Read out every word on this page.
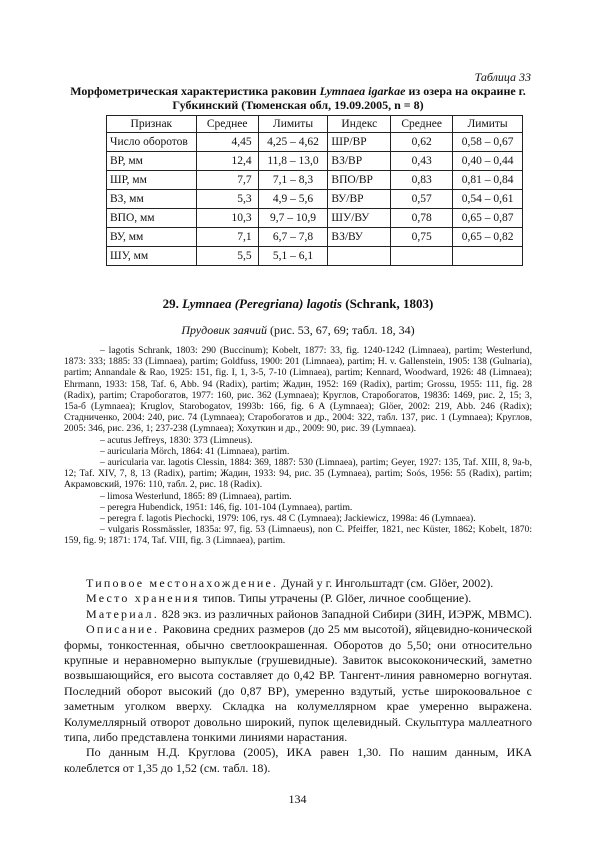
Таблица 33
Морфометрическая характеристика раковин Lymnaea igarkae из озера на окраине г. Губкинский (Тюменская обл, 19.09.2005, n = 8)
Признак	Среднее	Лимиты	Индекс	Среднее	Лимиты
Число оборотов	4,45	4,25 – 4,62	ШР/ВР	0,62	0,58 – 0,67
ВР, мм	12,4	11,8 – 13,0	ВЗ/ВР	0,43	0,40 – 0,44
ШР, мм	7,7	7,1 – 8,3	ВПО/ВР	0,83	0,81 – 0,84
ВЗ, мм	5,3	4,9 – 5,6	ВУ/ВР	0,57	0,54 – 0,61
ВПО, мм	10,3	9,7 – 10,9	ШУ/ВУ	0,78	0,65 – 0,87
ВУ, мм	7,1	6,7 – 7,8	ВЗ/ВУ	0,75	0,65 – 0,82
ШУ, мм	5,5	5,1 – 6,1			
29. Lymnaea (Peregriana) lagotis (Schrank, 1803)
Прудовик заячий (рис. 53, 67, 69; табл. 18, 34)

– lagotis Schrank, 1803: 290 (Buccinum); Kobelt, 1877: 33, fig. 1240-1242 (Limnaea), partim; Westerlund, 1873: 333; 1885: 33 (Limnaea), partim; Goldfuss, 1900: 201 (Limnaea), partim; H. v. Gallenstein, 1905: 138 (Gulnaria), partim; Annandale & Rao, 1925: 151, fig. I, 1, 3-5, 7-10 (Limnaea), partim; Kennard, Woodward, 1926: 48 (Limnaea); Ehrmann, 1933: 158, Taf. 6, Abb. 94 (Radix), partim; Жадин, 1952: 169 (Radix), partim; Grossu, 1955: 111, fig. 28 (Radix), partim; Старобогатов, 1977: 160, рис. 362 (Lymnaea); Круглов, Старобогатов, 1983б: 1469, рис. 2, 15; 3, 15а-б (Lymnaea); Kruglov, Starobogatov, 1993b: 166, fig. 6 A (Lymnaea); Glöer, 2002: 219, Abb. 246 (Radix); Стадниченко, 2004: 240, рис. 74 (Lymnaea); Старобогатов и др., 2004: 322, табл. 137, рис. 1 (Lymnaea); Круглов, 2005: 346, рис. 236, 1; 237-238 (Lymnaea); Хохуткин и др., 2009: 90, рис. 39 (Lymnaea).

– acutus Jeffreys, 1830: 373 (Limneus).

– auricularia Mörch, 1864: 41 (Limnaea), partim.

– auricularia var. lagotis Clessin, 1884: 369, 1887: 530 (Limnaea), partim; Geyer, 1927: 135, Taf. XIII, 8, 9a-b, 12; Taf. XIV, 7, 8, 13 (Radix), partim; Жадин, 1933: 94, рис. 35 (Lymnaea), partim; Soós, 1956: 55 (Radix), partim; Акрамовский, 1976: 110, табл. 2, рис. 18 (Radix).

– limosa Westerlund, 1865: 89 (Limnaea), partim.

– peregra Hubendick, 1951: 146, fig. 101-104 (Lymnaea), partim.

– peregra f. lagotis Piechocki, 1979: 106, rys. 48 C (Lymnaea); Jackiewicz, 1998a: 46 (Lymnaea).

– vulgaris Rossmässler, 1835a: 97, fig. 53 (Limnaeus), non C. Pfeiffer, 1821, nec Küster, 1862; Kobelt, 1870: 159, fig. 9; 1871: 174, Taf. VIII, fig. 3 (Limnaea), partim.

Типовое местонахождение. Дунай у г. Ингольштадт (см. Glöer, 2002).

Место хранения типов. Типы утрачены (P. Glöer, личное сообщение).

Материал. 828 экз. из различных районов Западной Сибири (ЗИН, ИЭРЖ, МВМС).

Описание. Раковина средних размеров (до 25 мм высотой), яйцевидно-конической формы, тонкостенная, обычно светлоокрашенная. Оборотов до 5,50; они относительно крупные и неравномерно выпуклые (грушевидные). Завиток высококонический, заметно возвышающийся, его высота составляет до 0,42 ВР. Тангент-линия равномерно вогнутая. Последний оборот высокий (до 0,87 ВР), умеренно вздутый, устье широкоовальное с заметным уголком вверху. Складка на колумеллярном крае умеренно выражена. Колумеллярный отворот довольно широкий, пупок щелевидный. Скульптура маллеатного типа, либо представлена тонкими линиями нарастания.

По данным Н.Д. Круглова (2005), ИКА равен 1,30. По нашим данным, ИКА колеблется от 1,35 до 1,52 (см. табл. 18).

134
